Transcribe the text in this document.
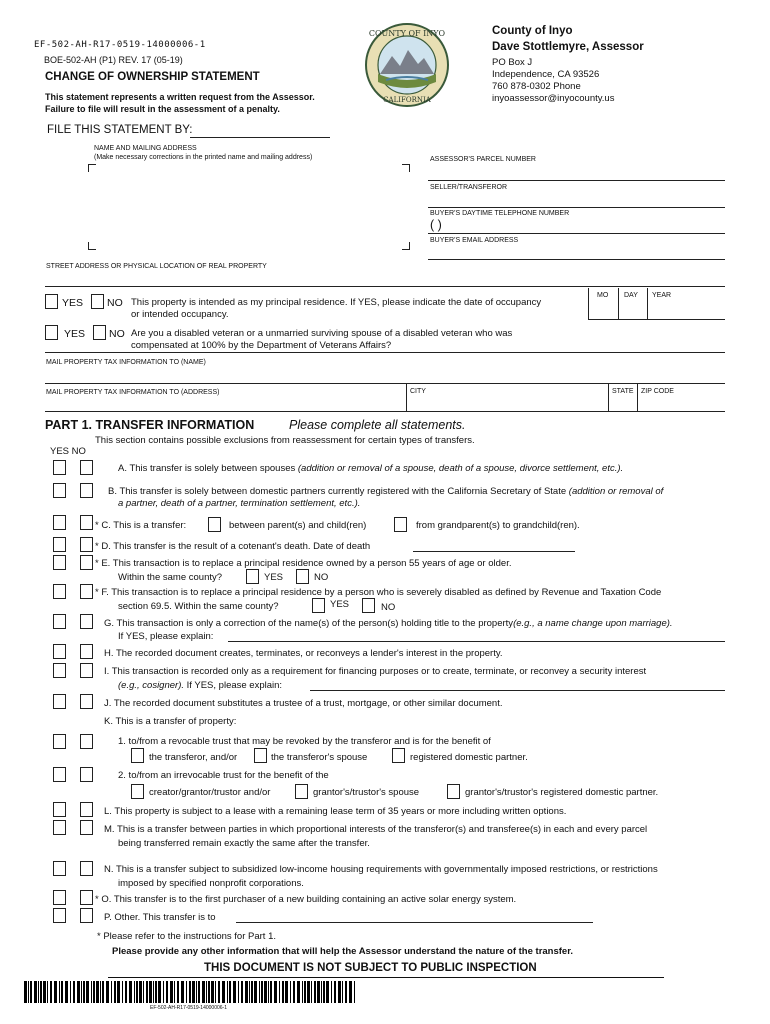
EF-502-AH-R17-0519-14000006-1
BOE-502-AH (P1) REV. 17 (05-19)
CHANGE OF OWNERSHIP STATEMENT
This statement represents a written request from the Assessor.
Failure to file will result in the assessment of a penalty.
COUNTY OF INYO
CALIFORNIA
County of Inyo
Dave Stottlemyre, Assessor
PO Box J
Independence, CA 93526
760 878-0302 Phone
inyoassessor@inyocounty.us
FILE THIS STATEMENT BY:
NAME AND MAILING ADDRESS
(Make necessary corrections in the printed name and mailing address)	ASSESSOR'S PARCEL NUMBER
SELLER/TRANSFEROR
BUYER'S DAYTIME TELEPHONE NUMBER
( )
BUYER'S EMAIL ADDRESS
STREET ADDRESS OR PHYSICAL LOCATION OF REAL PROPERTY
YES NO This property is intended as my principal residence. If YES, please indicate the date of occupancy
or intended occupancy.
MO DAY YEAR
YES NO Are you a disabled veteran or a unmarried surviving spouse of a disabled veteran who was
compensated at 100% by the Department of Veterans Affairs?
MAIL PROPERTY TAX INFORMATION TO (NAME)
MAIL PROPERTY TAX INFORMATION TO (ADDRESS)	CITY	STATE ZIP CODE
PART 1. TRANSFER INFORMATION	Please complete all statements.
This section contains possible exclusions from reassessment for certain types of transfers.
YES NO
A. This transfer is solely between spouses (addition or removal of a spouse, death of a spouse, divorce settlement, etc.).
B. This transfer is solely between domestic partners currently registered with the California Secretary of State (addition or removal of
a partner, death of a partner, termination settlement, etc.).
* C. This is a transfer:	between parent(s) and child(ren)	from grandparent(s) to grandchild(ren).
* D. This transfer is the result of a cotenant's death. Date of death
* E. This transaction is to replace a principal residence owned by a person 55 years of age or older.
Within the same county?	YES	NO
* F. This transaction is to replace a principal residence by a person who is severely disabled as defined by Revenue and Taxation Code
section 69.5. Within the same county?	YES	NO
G. This transaction is only a correction of the name(s) of the person(s) holding title to the property(e.g., a name change upon marriage).
If YES, please explain:
H. The recorded document creates, terminates, or reconveys a lender's interest in the property.
I. This transaction is recorded only as a requirement for financing purposes or to create, terminate, or reconvey a security interest
(e.g., cosigner). If YES, please explain:
J. The recorded document substitutes a trustee of a trust, mortgage, or other similar document.
K. This is a transfer of property:
1. to/from a revocable trust that may be revoked by the transferor and is for the benefit of
the transferor, and/or	the transferor's spouse	registered domestic partner.
2. to/from an irrevocable trust for the benefit of the
creator/grantor/trustor and/or	grantor's/trustor's spouse	grantor's/trustor's registered domestic partner.
L. This property is subject to a lease with a remaining lease term of 35 years or more including written options.
M. This is a transfer between parties in which proportional interests of the transferor(s) and transferee(s) in each and every parcel
being transferred remain exactly the same after the transfer.
N. This is a transfer subject to subsidized low-income housing requirements with governmentally imposed restrictions, or restrictions
imposed by specified nonprofit corporations.
* O. This transfer is to the first purchaser of a new building containing an active solar energy system.
P. Other. This transfer is to
* Please refer to the instructions for Part 1.
Please provide any other information that will help the Assessor understand the nature of the transfer.
THIS DOCUMENT IS NOT SUBJECT TO PUBLIC INSPECTION
EF-502-AH-R17-0519-14000006-1
